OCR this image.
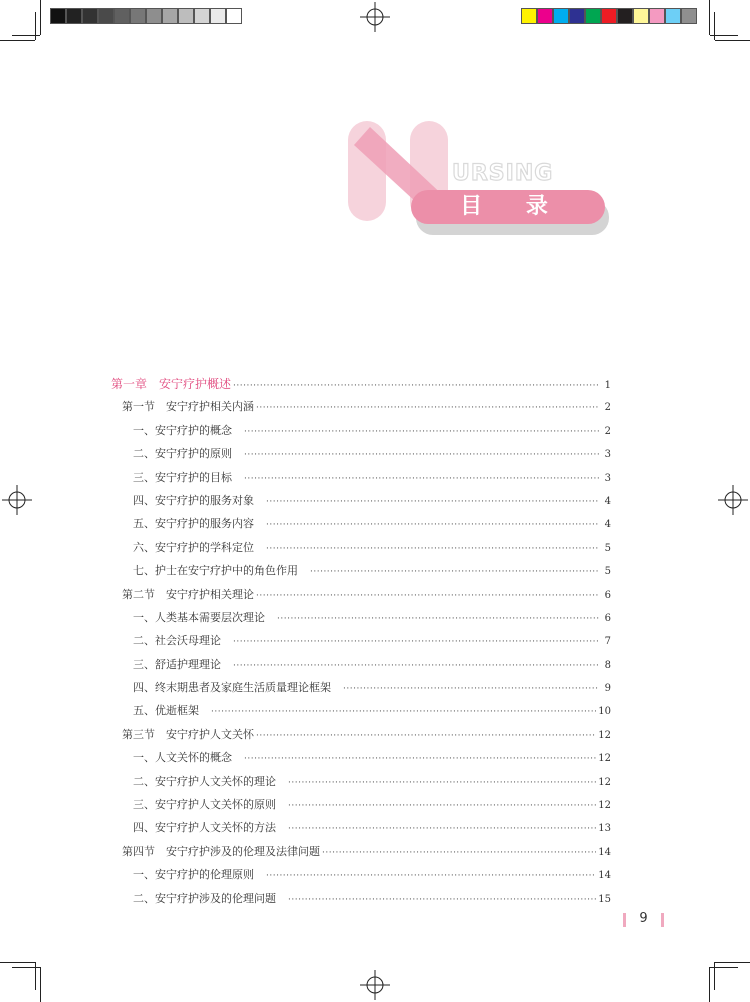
URSING
目 录
第一章　安宁疗护概述 ·····	1
第一节　安宁疗护相关内涵 ·····	2
一、安宁疗护的概念 ·····	2
二、安宁疗护的原则 ·····	3
三、安宁疗护的目标 ·····	3
四、安宁疗护的服务对象 ·····	4
五、安宁疗护的服务内容 ·····	4
六、安宁疗护的学科定位 ·····	5
七、护士在安宁疗护中的角色作用 ·····	5
第二节　安宁疗护相关理论 ·····	6
一、人类基本需要层次理论 ·····	6
二、社会沃母理论 ·····	7
三、舒适护理理论 ·····	8
四、终末期患者及家庭生活质量理论框架 ·····	9
五、优逝框架 ·····	10
第三节　安宁疗护人文关怀 ·····	12
一、人文关怀的概念 ·····	12
二、安宁疗护人文关怀的理论 ·····	12
三、安宁疗护人文关怀的原则 ·····	12
四、安宁疗护人文关怀的方法 ·····	13
第四节　安宁疗护涉及的伦理及法律问题 ·····	14
一、安宁疗护的伦理原则 ·····	14
二、安宁疗护涉及的伦理问题 ·····	15
9
